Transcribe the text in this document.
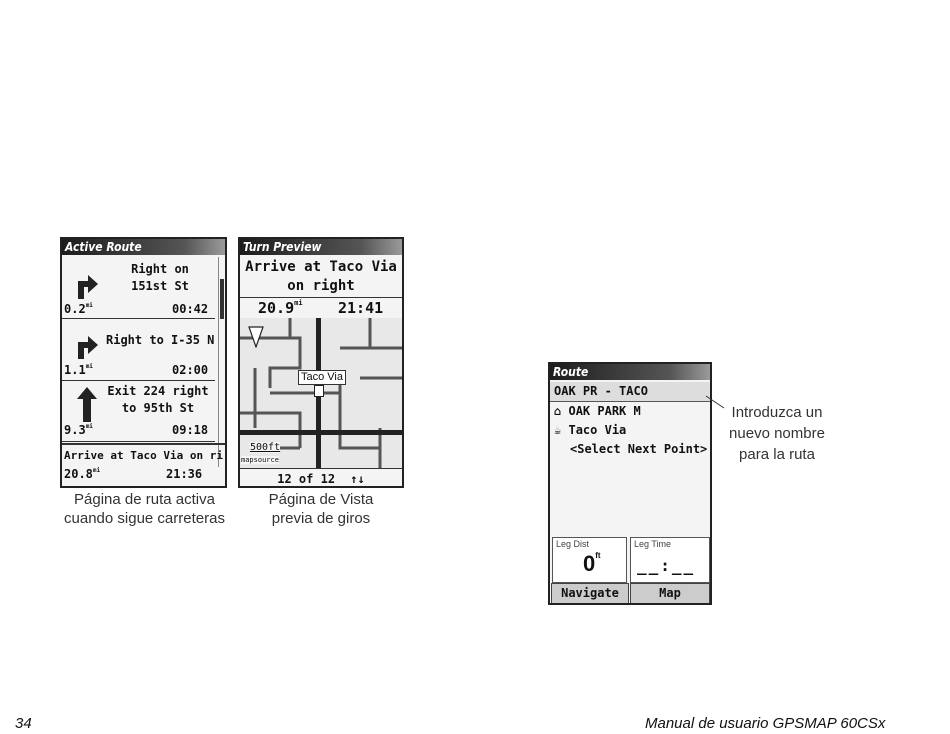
Active Route
Right on 151st St
$0.2^{mi}$	00:42
Right to I-35 N
$1.1^{mi}$	02:00
Exit 224 right to 95th St
$9.3^{mi}$	09:18
Arrive at Taco Via on ri
$20.8^{mi}$	21:36
Página de ruta activa
cuando sigue carreteras
Turn Preview
Arrive at Taco Via
on right
$20.9^{mi}$ 21:41
Taco Via
500ft
mapsource
12 of 12 ↑↓
Página de Vista
previa de giros
Route
OAK PR - TACO
⌂ OAK PARK M
☕ Taco Via
<Select Next Point>
Leg Dist
$0^{ft}$
Leg Time
__:__
Navigate	Map
Introduzca un
nuevo nombre
para la ruta
34	Manual de usuario GPSMAP 60CSx
